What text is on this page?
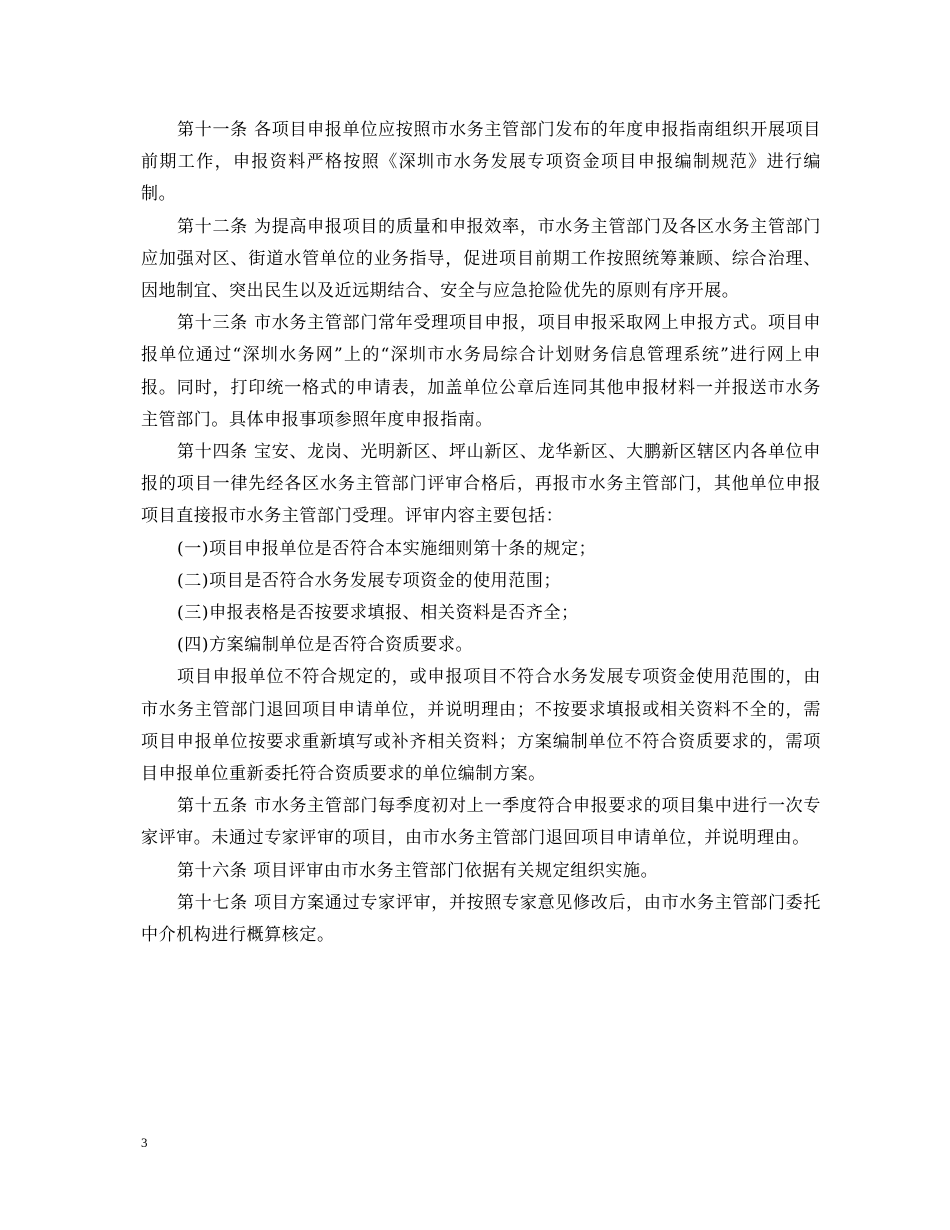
第十一条 各项目申报单位应按照市水务主管部门发布的年度申报指南组织开展项目前期工作，申报资料严格按照《深圳市水务发展专项资金项目申报编制规范》进行编制。

第十二条 为提高申报项目的质量和申报效率，市水务主管部门及各区水务主管部门应加强对区、街道水管单位的业务指导，促进项目前期工作按照统筹兼顾、综合治理、因地制宜、突出民生以及近远期结合、安全与应急抢险优先的原则有序开展。

第十三条 市水务主管部门常年受理项目申报，项目申报采取网上申报方式。项目申报单位通过“深圳水务网”上的“深圳市水务局综合计划财务信息管理系统”进行网上申报。同时，打印统一格式的申请表，加盖单位公章后连同其他申报材料一并报送市水务主管部门。具体申报事项参照年度申报指南。

第十四条 宝安、龙岗、光明新区、坪山新区、龙华新区、大鹏新区辖区内各单位申报的项目一律先经各区水务主管部门评审合格后，再报市水务主管部门，其他单位申报项目直接报市水务主管部门受理。评审内容主要包括：

(一)项目申报单位是否符合本实施细则第十条的规定；

(二)项目是否符合水务发展专项资金的使用范围；

(三)申报表格是否按要求填报、相关资料是否齐全；

(四)方案编制单位是否符合资质要求。

项目申报单位不符合规定的，或申报项目不符合水务发展专项资金使用范围的，由市水务主管部门退回项目申请单位，并说明理由；不按要求填报或相关资料不全的，需项目申报单位按要求重新填写或补齐相关资料；方案编制单位不符合资质要求的，需项目申报单位重新委托符合资质要求的单位编制方案。

第十五条 市水务主管部门每季度初对上一季度符合申报要求的项目集中进行一次专家评审。未通过专家评审的项目，由市水务主管部门退回项目申请单位，并说明理由。

第十六条 项目评审由市水务主管部门依据有关规定组织实施。

第十七条 项目方案通过专家评审，并按照专家意见修改后，由市水务主管部门委托中介机构进行概算核定。

3
